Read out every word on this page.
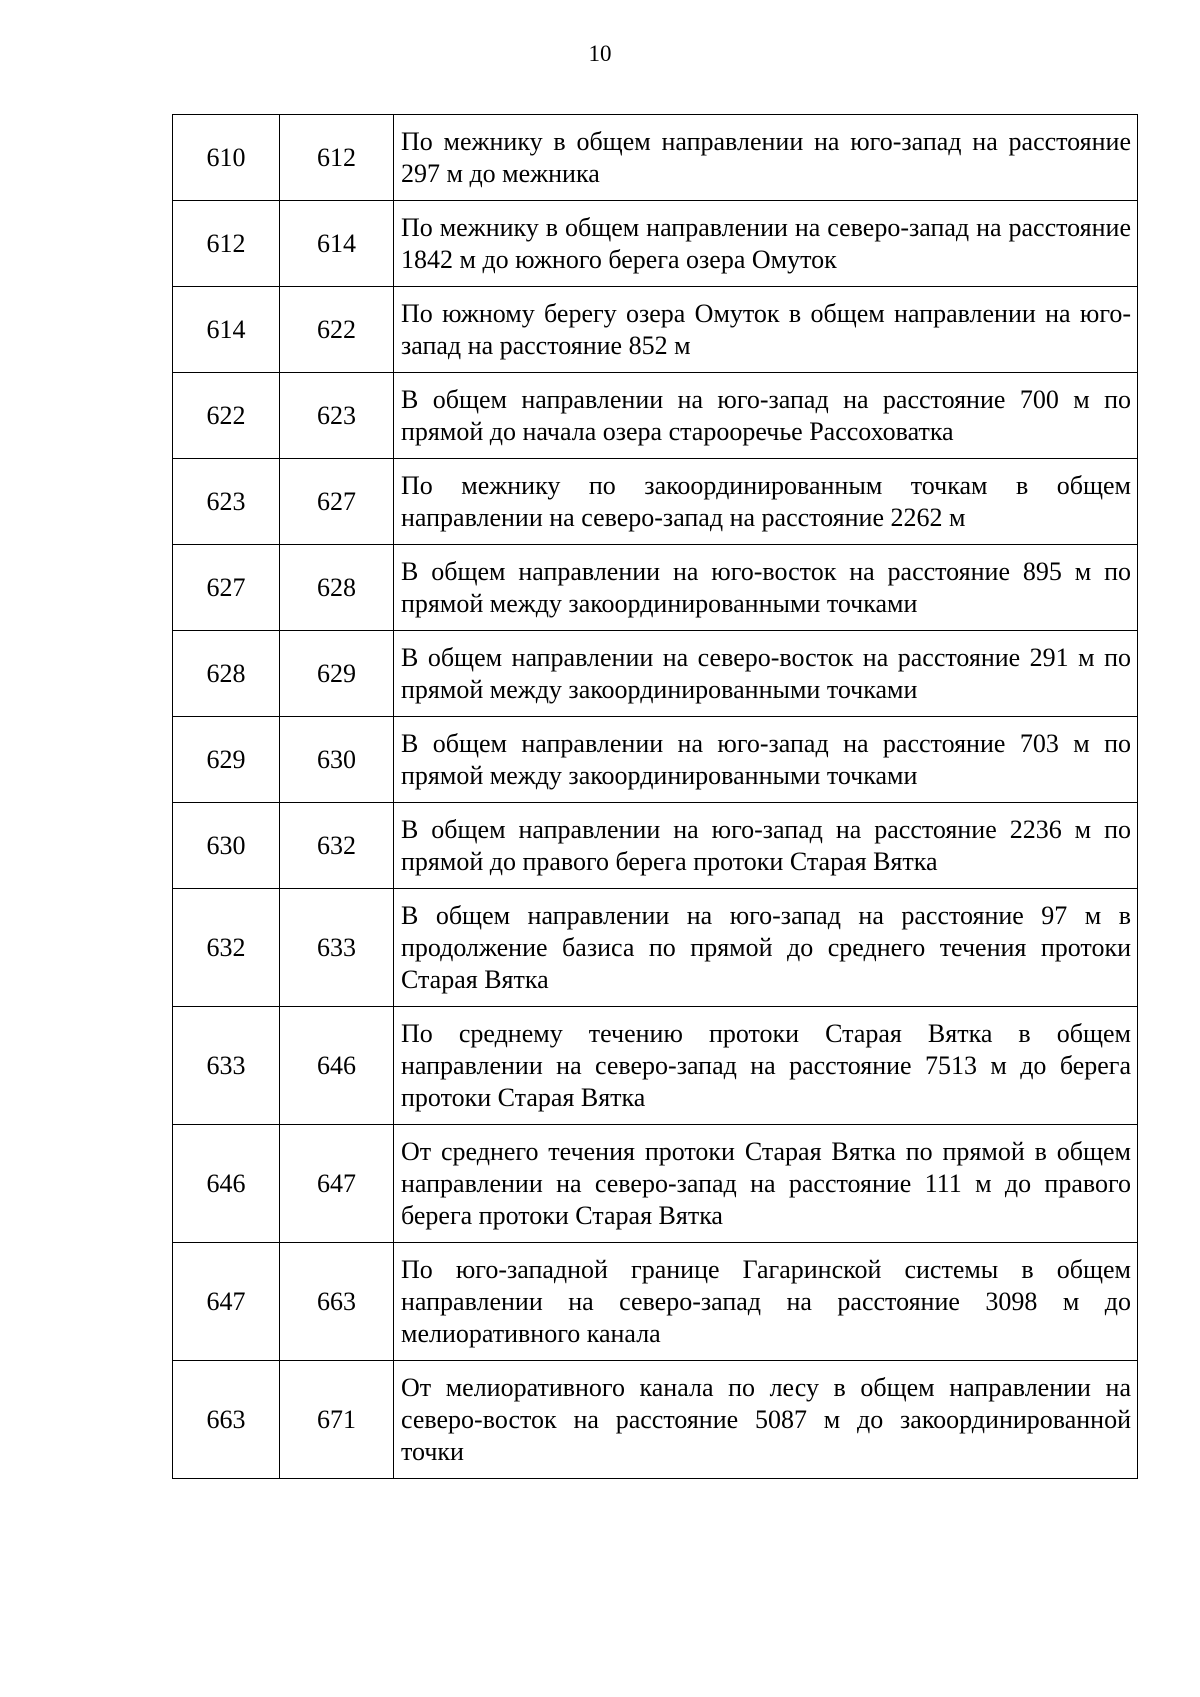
10
610	612	По межнику в общем направлении на юго-запад на расстояние 297 м до межника
612	614	По межнику в общем направлении на северо-запад на расстояние 1842 м до южного берега озера Омуток
614	622	По южному берегу озера Омуток в общем направлении на юго-запад на расстояние 852 м
622	623	В общем направлении на юго-запад на расстояние 700 м по прямой до начала озера старооречье Рассоховатка
623	627	По межнику по закоординированным точкам в общем направлении на северо-запад на расстояние 2262 м
627	628	В общем направлении на юго-восток на расстояние 895 м по прямой между закоординированными точками
628	629	В общем направлении на северо-восток на расстояние 291 м по прямой между закоординированными точками
629	630	В общем направлении на юго-запад на расстояние 703 м по прямой между закоординированными точками
630	632	В общем направлении на юго-запад на расстояние 2236 м по прямой до правого берега протоки Старая Вятка
632	633	В общем направлении на юго-запад на расстояние 97 м в продолжение базиса по прямой до среднего течения протоки Старая Вятка
633	646	По среднему течению протоки Старая Вятка в общем направлении на северо-запад на расстояние 7513 м до берега протоки Старая Вятка
646	647	От среднего течения протоки Старая Вятка по прямой в общем направлении на северо-запад на расстояние 111 м до правого берега протоки Старая Вятка
647	663	По юго-западной границе Гагаринской системы в общем направлении на северо-запад на расстояние 3098 м до мелиоративного канала
663	671	От мелиоративного канала по лесу в общем направлении на северо-восток на расстояние 5087 м до закоординированной точки
